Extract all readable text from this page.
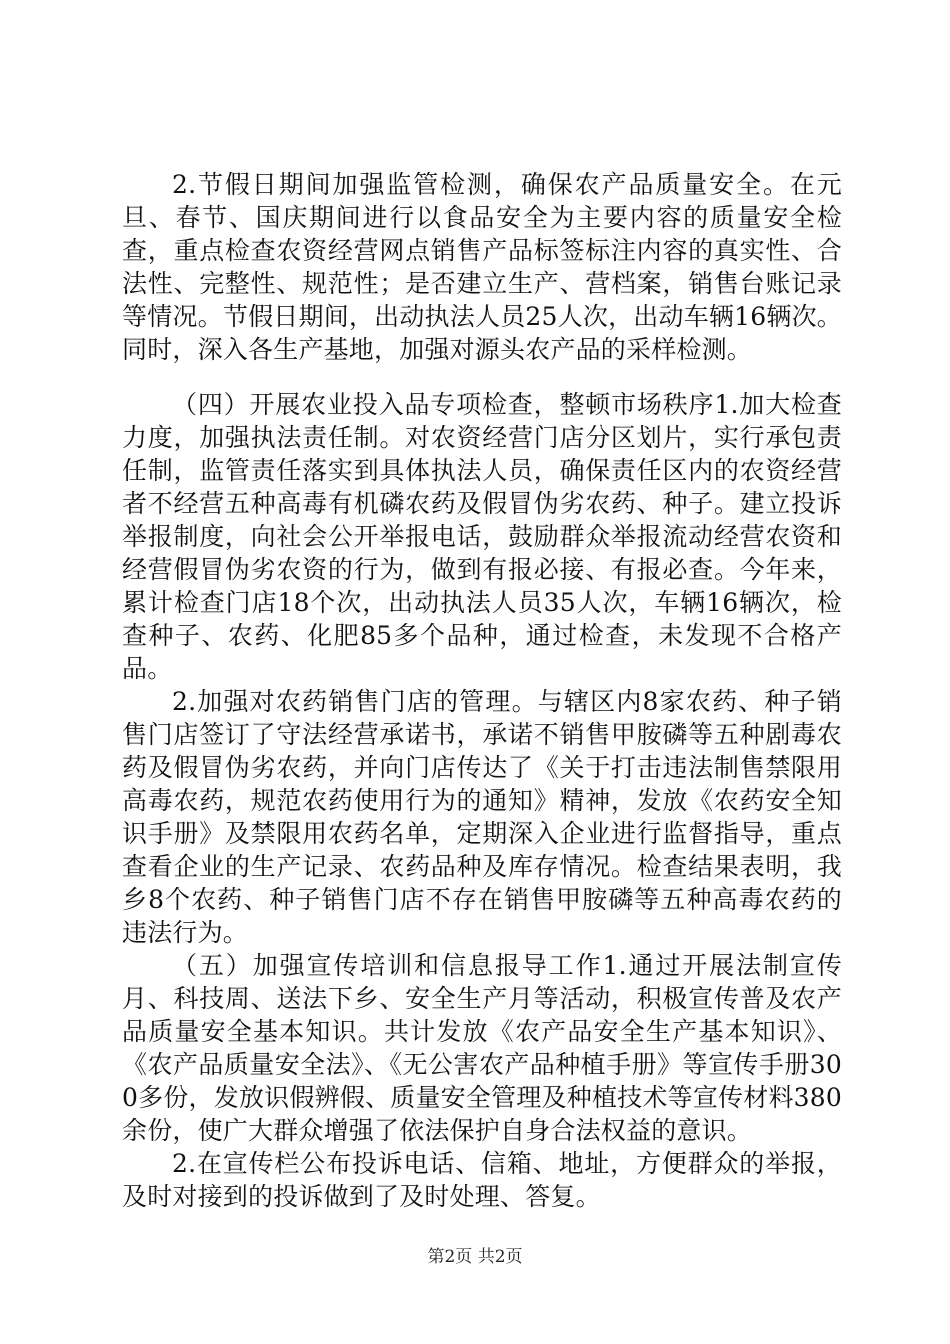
2.节假日期间加强监管检测，确保农产品质量安全。在元旦、春节、国庆期间进行以食品安全为主要内容的质量安全检查，重点检查农资经营网点销售产品标签标注内容的真实性、合法性、完整性、规范性；是否建立生产、营档案，销售台账记录等情况。节假日期间，出动执法人员25人次，出动车辆16辆次。同时，深入各生产基地，加强对源头农产品的采样检测。

（四）开展农业投入品专项检查，整顿市场秩序1.加大检查力度，加强执法责任制。对农资经营门店分区划片，实行承包责任制，监管责任落实到具体执法人员，确保责任区内的农资经营者不经营五种高毒有机磷农药及假冒伪劣农药、种子。建立投诉举报制度，向社会公开举报电话，鼓励群众举报流动经营农资和经营假冒伪劣农资的行为，做到有报必接、有报必查。今年来，累计检查门店18个次，出动执法人员35人次，车辆16辆次，检查种子、农药、化肥85多个品种，通过检查，未发现不合格产品。

2.加强对农药销售门店的管理。与辖区内8家农药、种子销售门店签订了守法经营承诺书，承诺不销售甲胺磷等五种剧毒农药及假冒伪劣农药，并向门店传达了《关于打击违法制售禁限用高毒农药，规范农药使用行为的通知》精神，发放《农药安全知识手册》及禁限用农药名单，定期深入企业进行监督指导，重点查看企业的生产记录、农药品种及库存情况。检查结果表明，我乡8个农药、种子销售门店不存在销售甲胺磷等五种高毒农药的违法行为。

（五）加强宣传培训和信息报导工作1.通过开展法制宣传月、科技周、送法下乡、安全生产月等活动，积极宣传普及农产品质量安全基本知识。共计发放《农产品安全生产基本知识》、《农产品质量安全法》、《无公害农产品种植手册》等宣传手册300多份，发放识假辨假、质量安全管理及种植技术等宣传材料380余份，使广大群众增强了依法保护自身合法权益的意识。

2.在宣传栏公布投诉电话、信箱、地址，方便群众的举报，及时对接到的投诉做到了及时处理、答复。

第2页 共2页
